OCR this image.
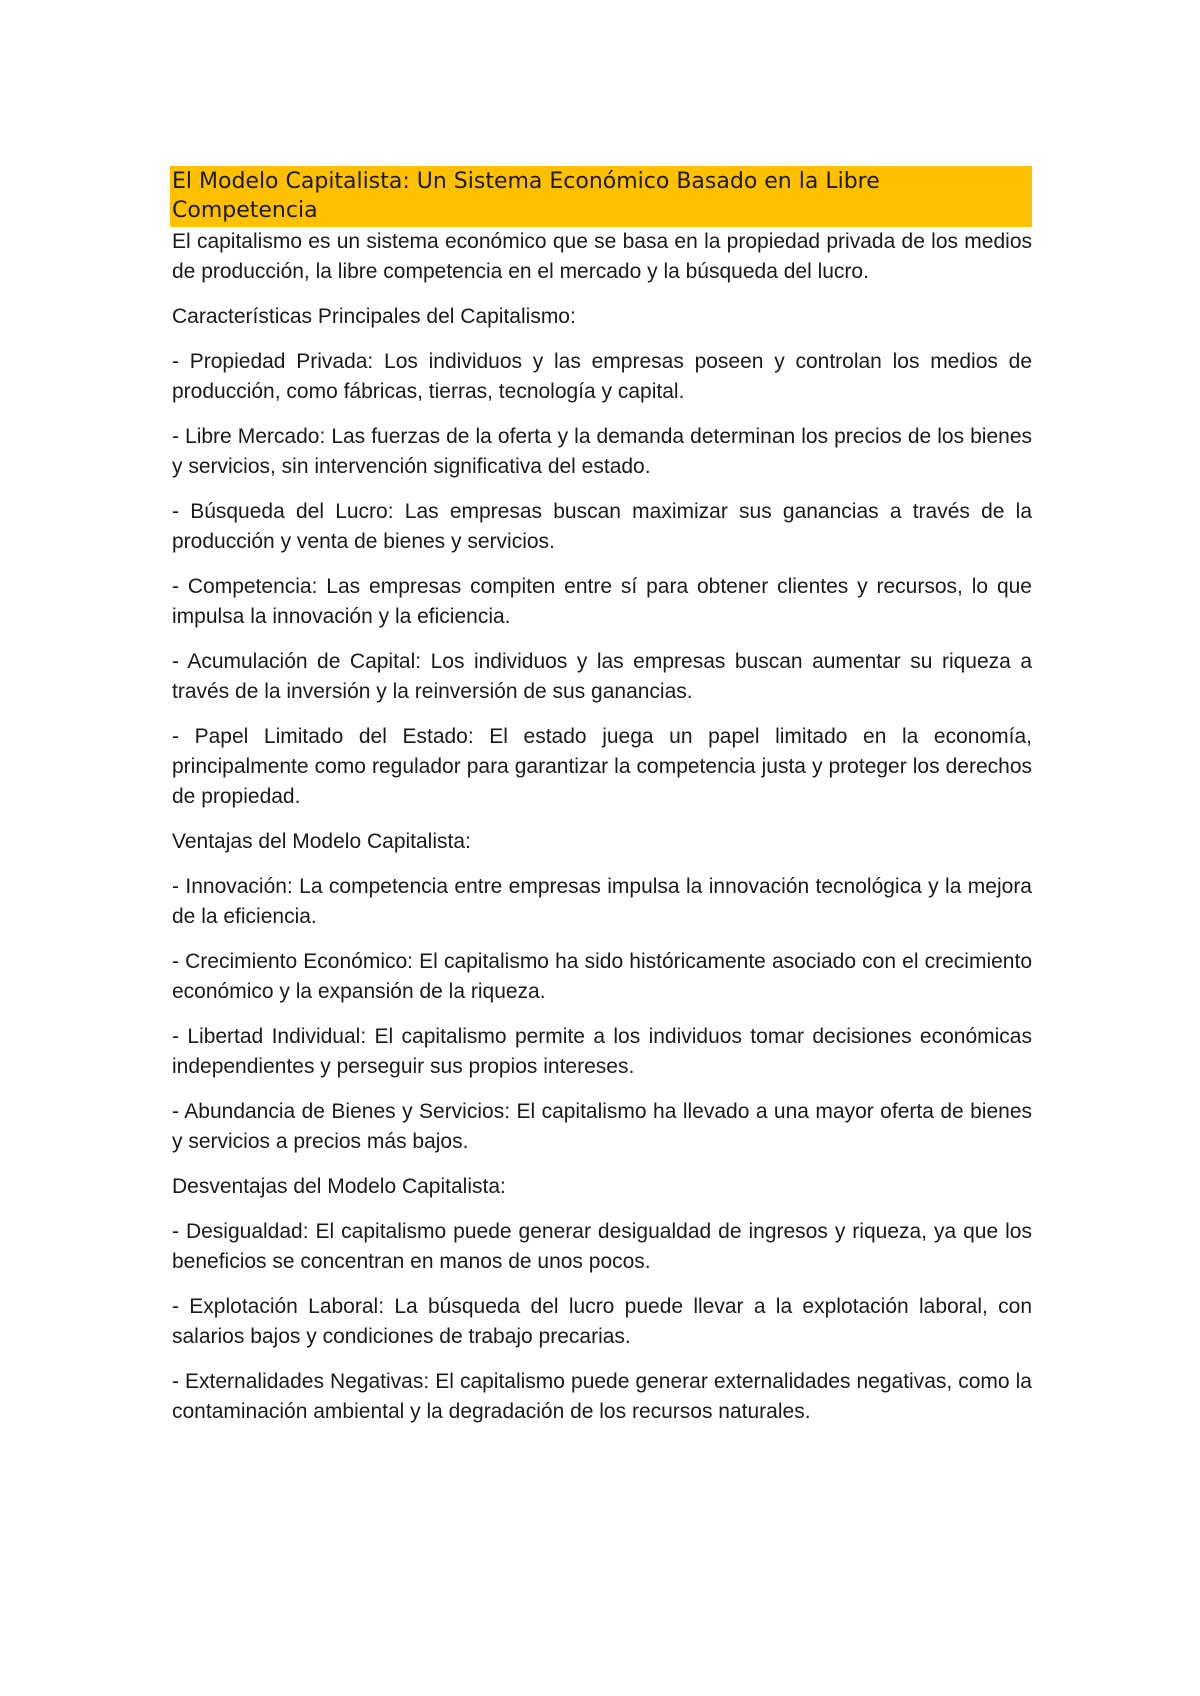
El Modelo Capitalista: Un Sistema Económico Basado en la Libre Competencia

El capitalismo es un sistema económico que se basa en la propiedad privada de los medios de producción, la libre competencia en el mercado y la búsqueda del lucro.

Características Principales del Capitalismo:

- Propiedad Privada: Los individuos y las empresas poseen y controlan los medios de producción, como fábricas, tierras, tecnología y capital.

- Libre Mercado: Las fuerzas de la oferta y la demanda determinan los precios de los bienes y servicios, sin intervención significativa del estado.

- Búsqueda del Lucro: Las empresas buscan maximizar sus ganancias a través de la producción y venta de bienes y servicios.

- Competencia: Las empresas compiten entre sí para obtener clientes y recursos, lo que impulsa la innovación y la eficiencia.

- Acumulación de Capital: Los individuos y las empresas buscan aumentar su riqueza a través de la inversión y la reinversión de sus ganancias.

- Papel Limitado del Estado: El estado juega un papel limitado en la economía, principalmente como regulador para garantizar la competencia justa y proteger los derechos de propiedad.

Ventajas del Modelo Capitalista:

- Innovación: La competencia entre empresas impulsa la innovación tecnológica y la mejora de la eficiencia.

- Crecimiento Económico: El capitalismo ha sido históricamente asociado con el crecimiento económico y la expansión de la riqueza.

- Libertad Individual: El capitalismo permite a los individuos tomar decisiones económicas independientes y perseguir sus propios intereses.

- Abundancia de Bienes y Servicios: El capitalismo ha llevado a una mayor oferta de bienes y servicios a precios más bajos.

Desventajas del Modelo Capitalista:

- Desigualdad: El capitalismo puede generar desigualdad de ingresos y riqueza, ya que los beneficios se concentran en manos de unos pocos.

- Explotación Laboral: La búsqueda del lucro puede llevar a la explotación laboral, con salarios bajos y condiciones de trabajo precarias.

- Externalidades Negativas: El capitalismo puede generar externalidades negativas, como la contaminación ambiental y la degradación de los recursos naturales.
